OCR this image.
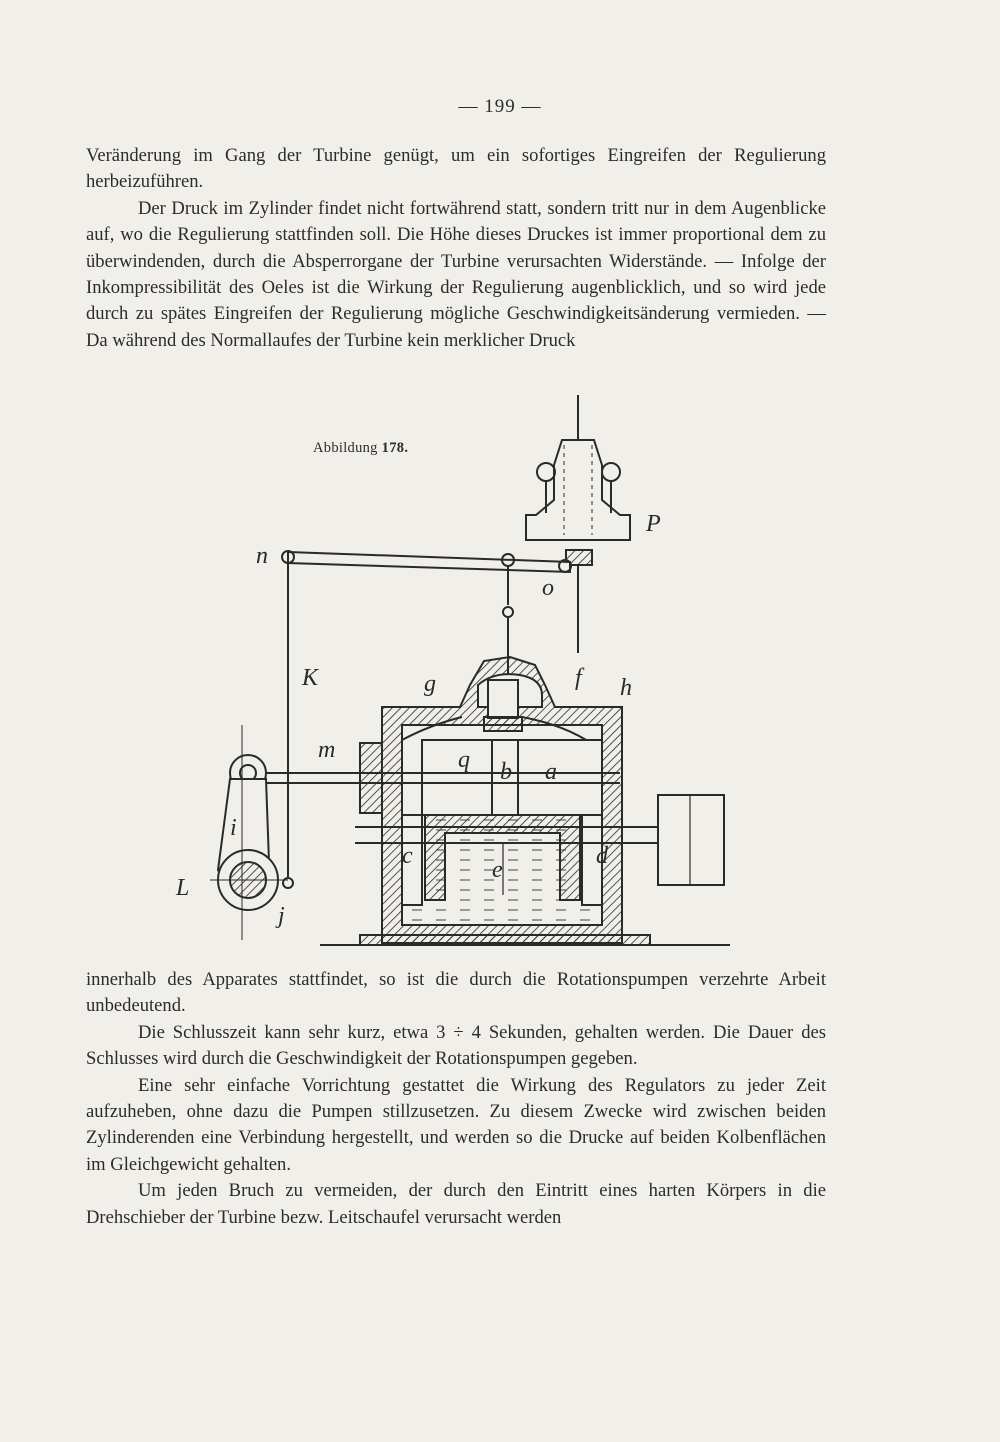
— 199 —

Veränderung im Gang der Turbine genügt, um ein sofortiges Eingreifen der Regulierung herbeizuführen.

Der Druck im Zylinder findet nicht fortwährend statt, sondern tritt nur in dem Augenblicke auf, wo die Regulierung stattfinden soll. Die Höhe dieses Druckes ist immer proportional dem zu überwindenden, durch die Absperrorgane der Turbine verursachten Widerstände. — Infolge der Inkompressibilität des Oeles ist die Wirkung der Regulierung augenblicklich, und so wird jede durch zu spätes Eingreifen der Regulierung mögliche Geschwindigkeitsänderung vermieden. — Da während des Normallaufes der Turbine kein merklicher Druck

Abbildung 178.
n
o
P
K	g	f h
m	q b a
i
c
e
d
L
j

innerhalb des Apparates stattfindet, so ist die durch die Rotationspumpen verzehrte Arbeit unbedeutend.

Die Schlusszeit kann sehr kurz, etwa 3 ÷ 4 Sekunden, gehalten werden. Die Dauer des Schlusses wird durch die Geschwindigkeit der Rotationspumpen gegeben.

Eine sehr einfache Vorrichtung gestattet die Wirkung des Regulators zu jeder Zeit aufzuheben, ohne dazu die Pumpen stillzusetzen. Zu diesem Zwecke wird zwischen beiden Zylinderenden eine Verbindung hergestellt, und werden so die Drucke auf beiden Kolbenflächen im Gleichgewicht gehalten.

Um jeden Bruch zu vermeiden, der durch den Eintritt eines harten Körpers in die Drehschieber der Turbine bezw. Leitschaufel verursacht werden
